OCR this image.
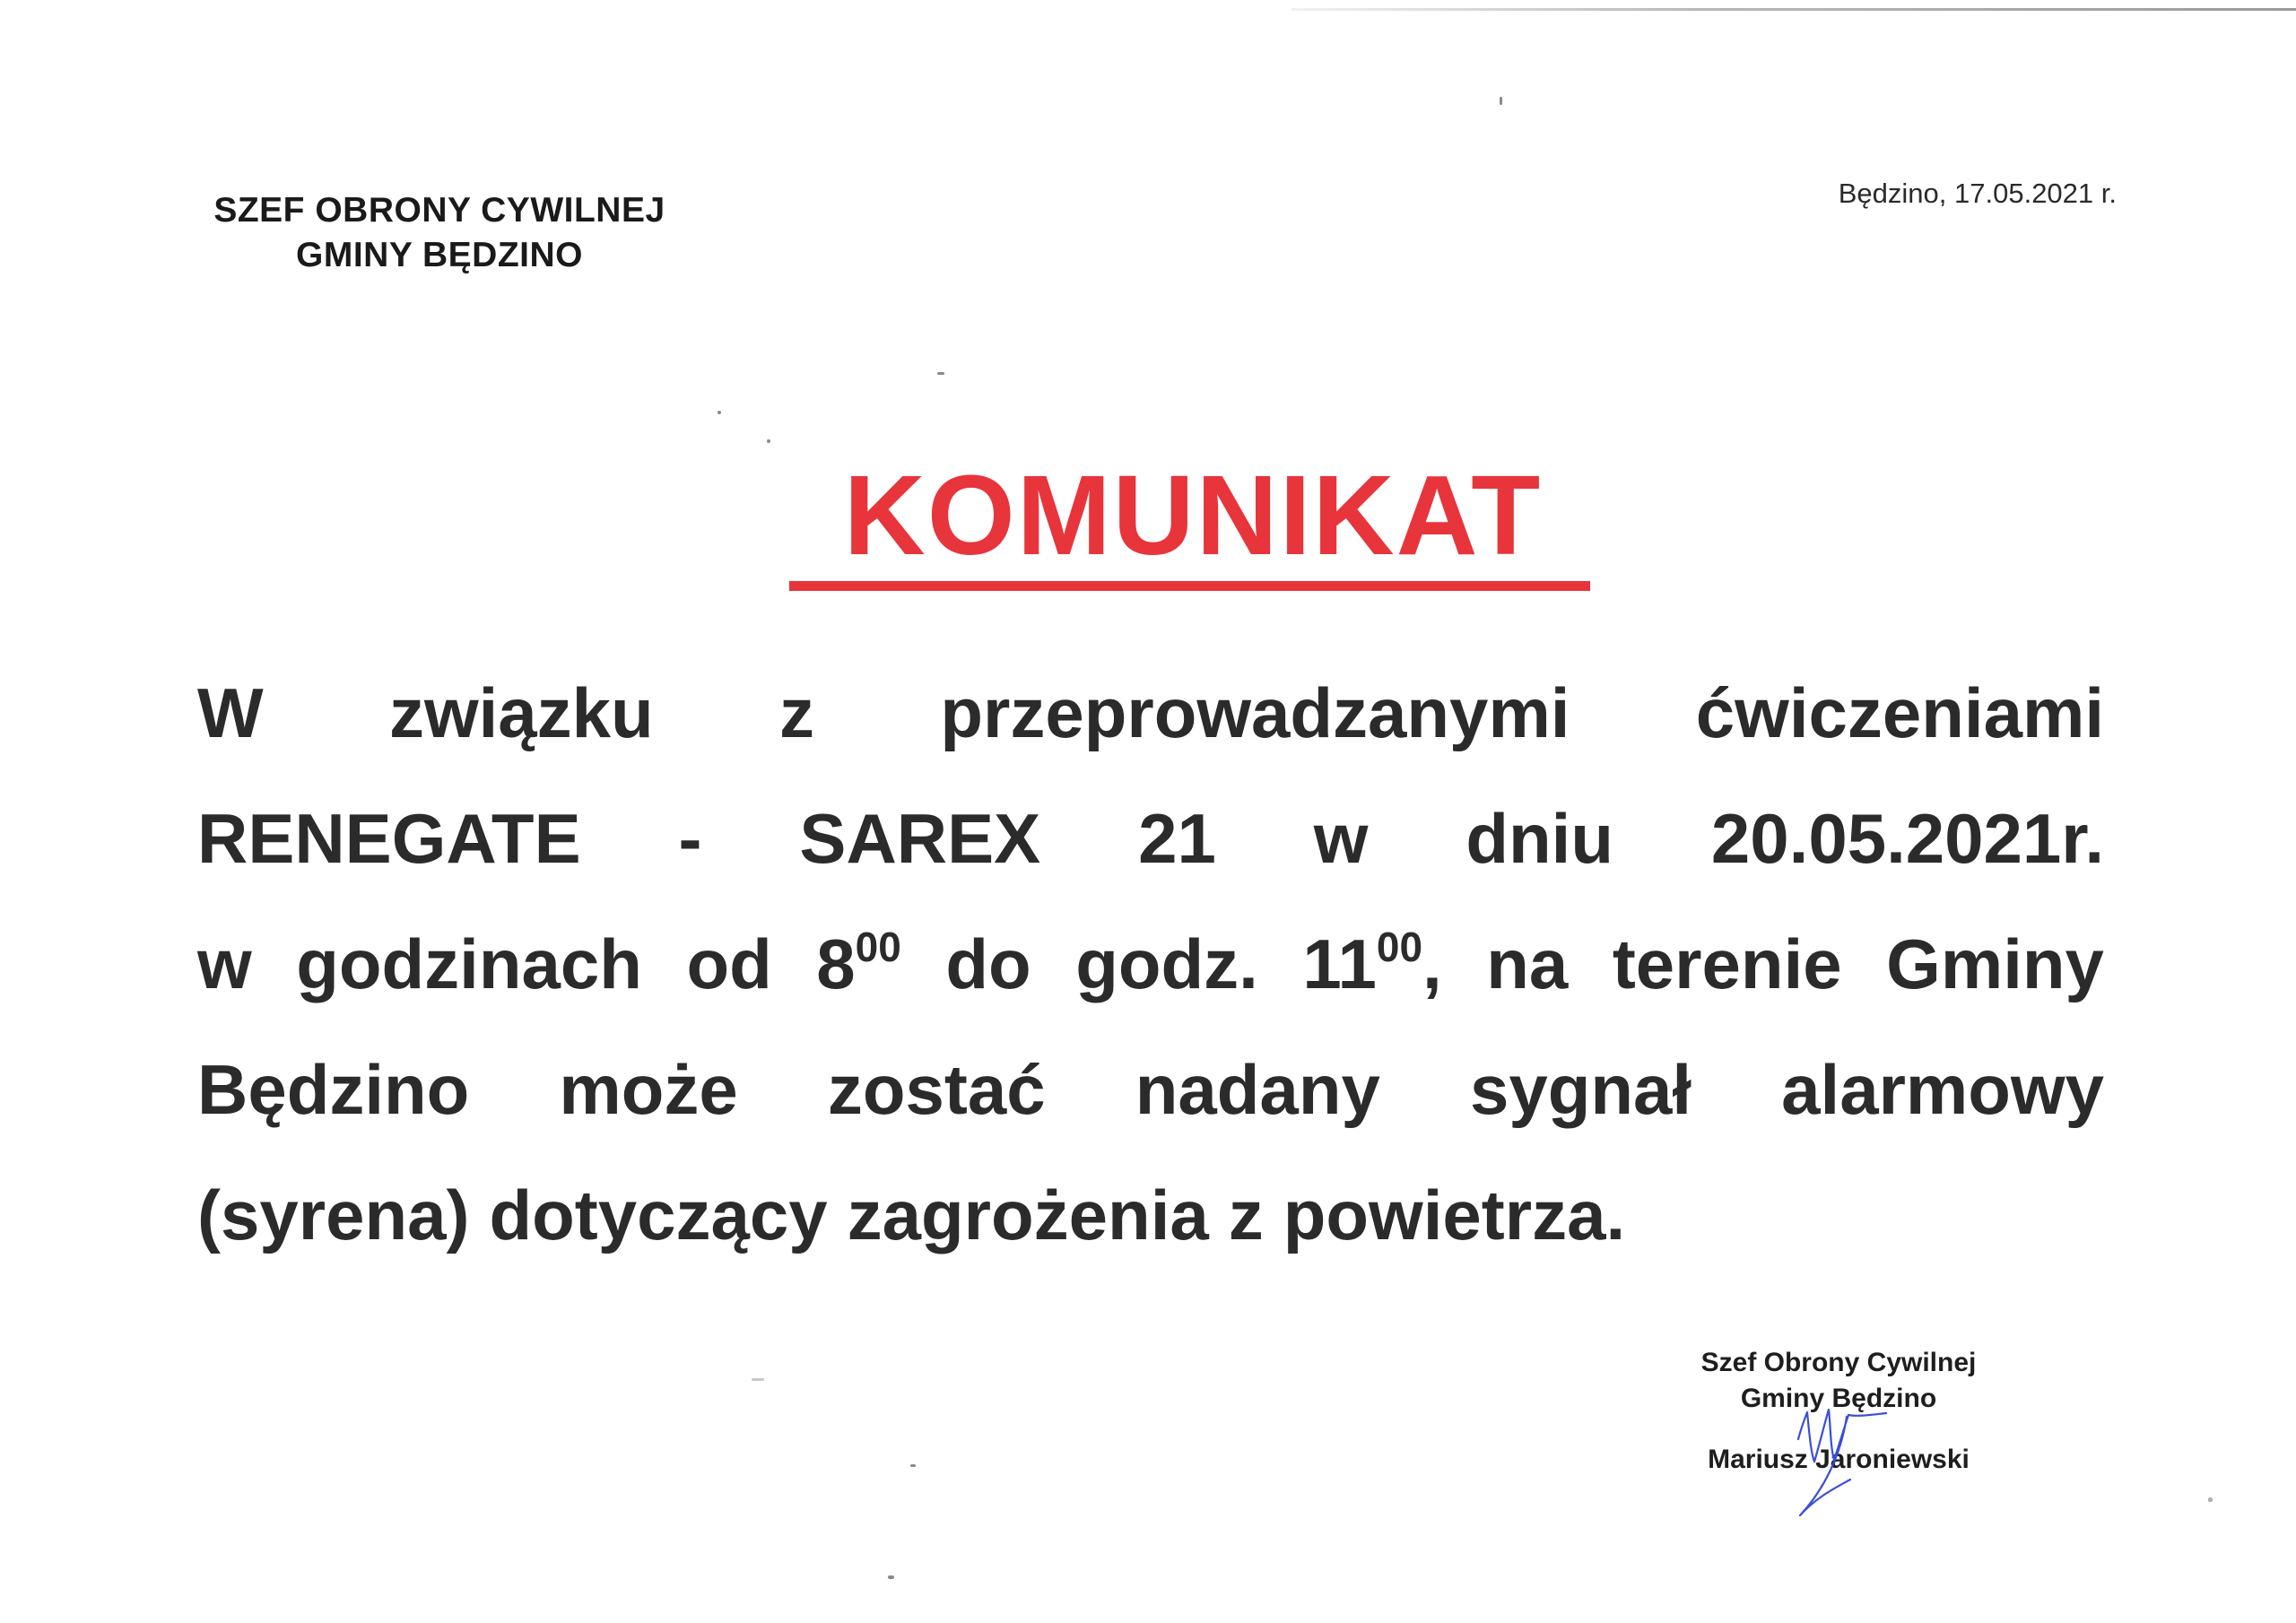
SZEF OBRONY CYWILNEJ
GMINY BĘDZINO
Będzino, 17.05.2021 r.
KOMUNIKAT
W związku z przeprowadzanymi ćwiczeniami
RENEGATE - SAREX 21 w dniu 20.05.2021r.
w godzinach od $8^{00}$ do godz. $11^{00}$, na terenie Gminy
Będzino może zostać nadany sygnał alarmowy
(syrena) dotyczący zagrożenia z powietrza.
Szef Obrony Cywilnej
Gminy Będzino
Mariusz Jaroniewski
